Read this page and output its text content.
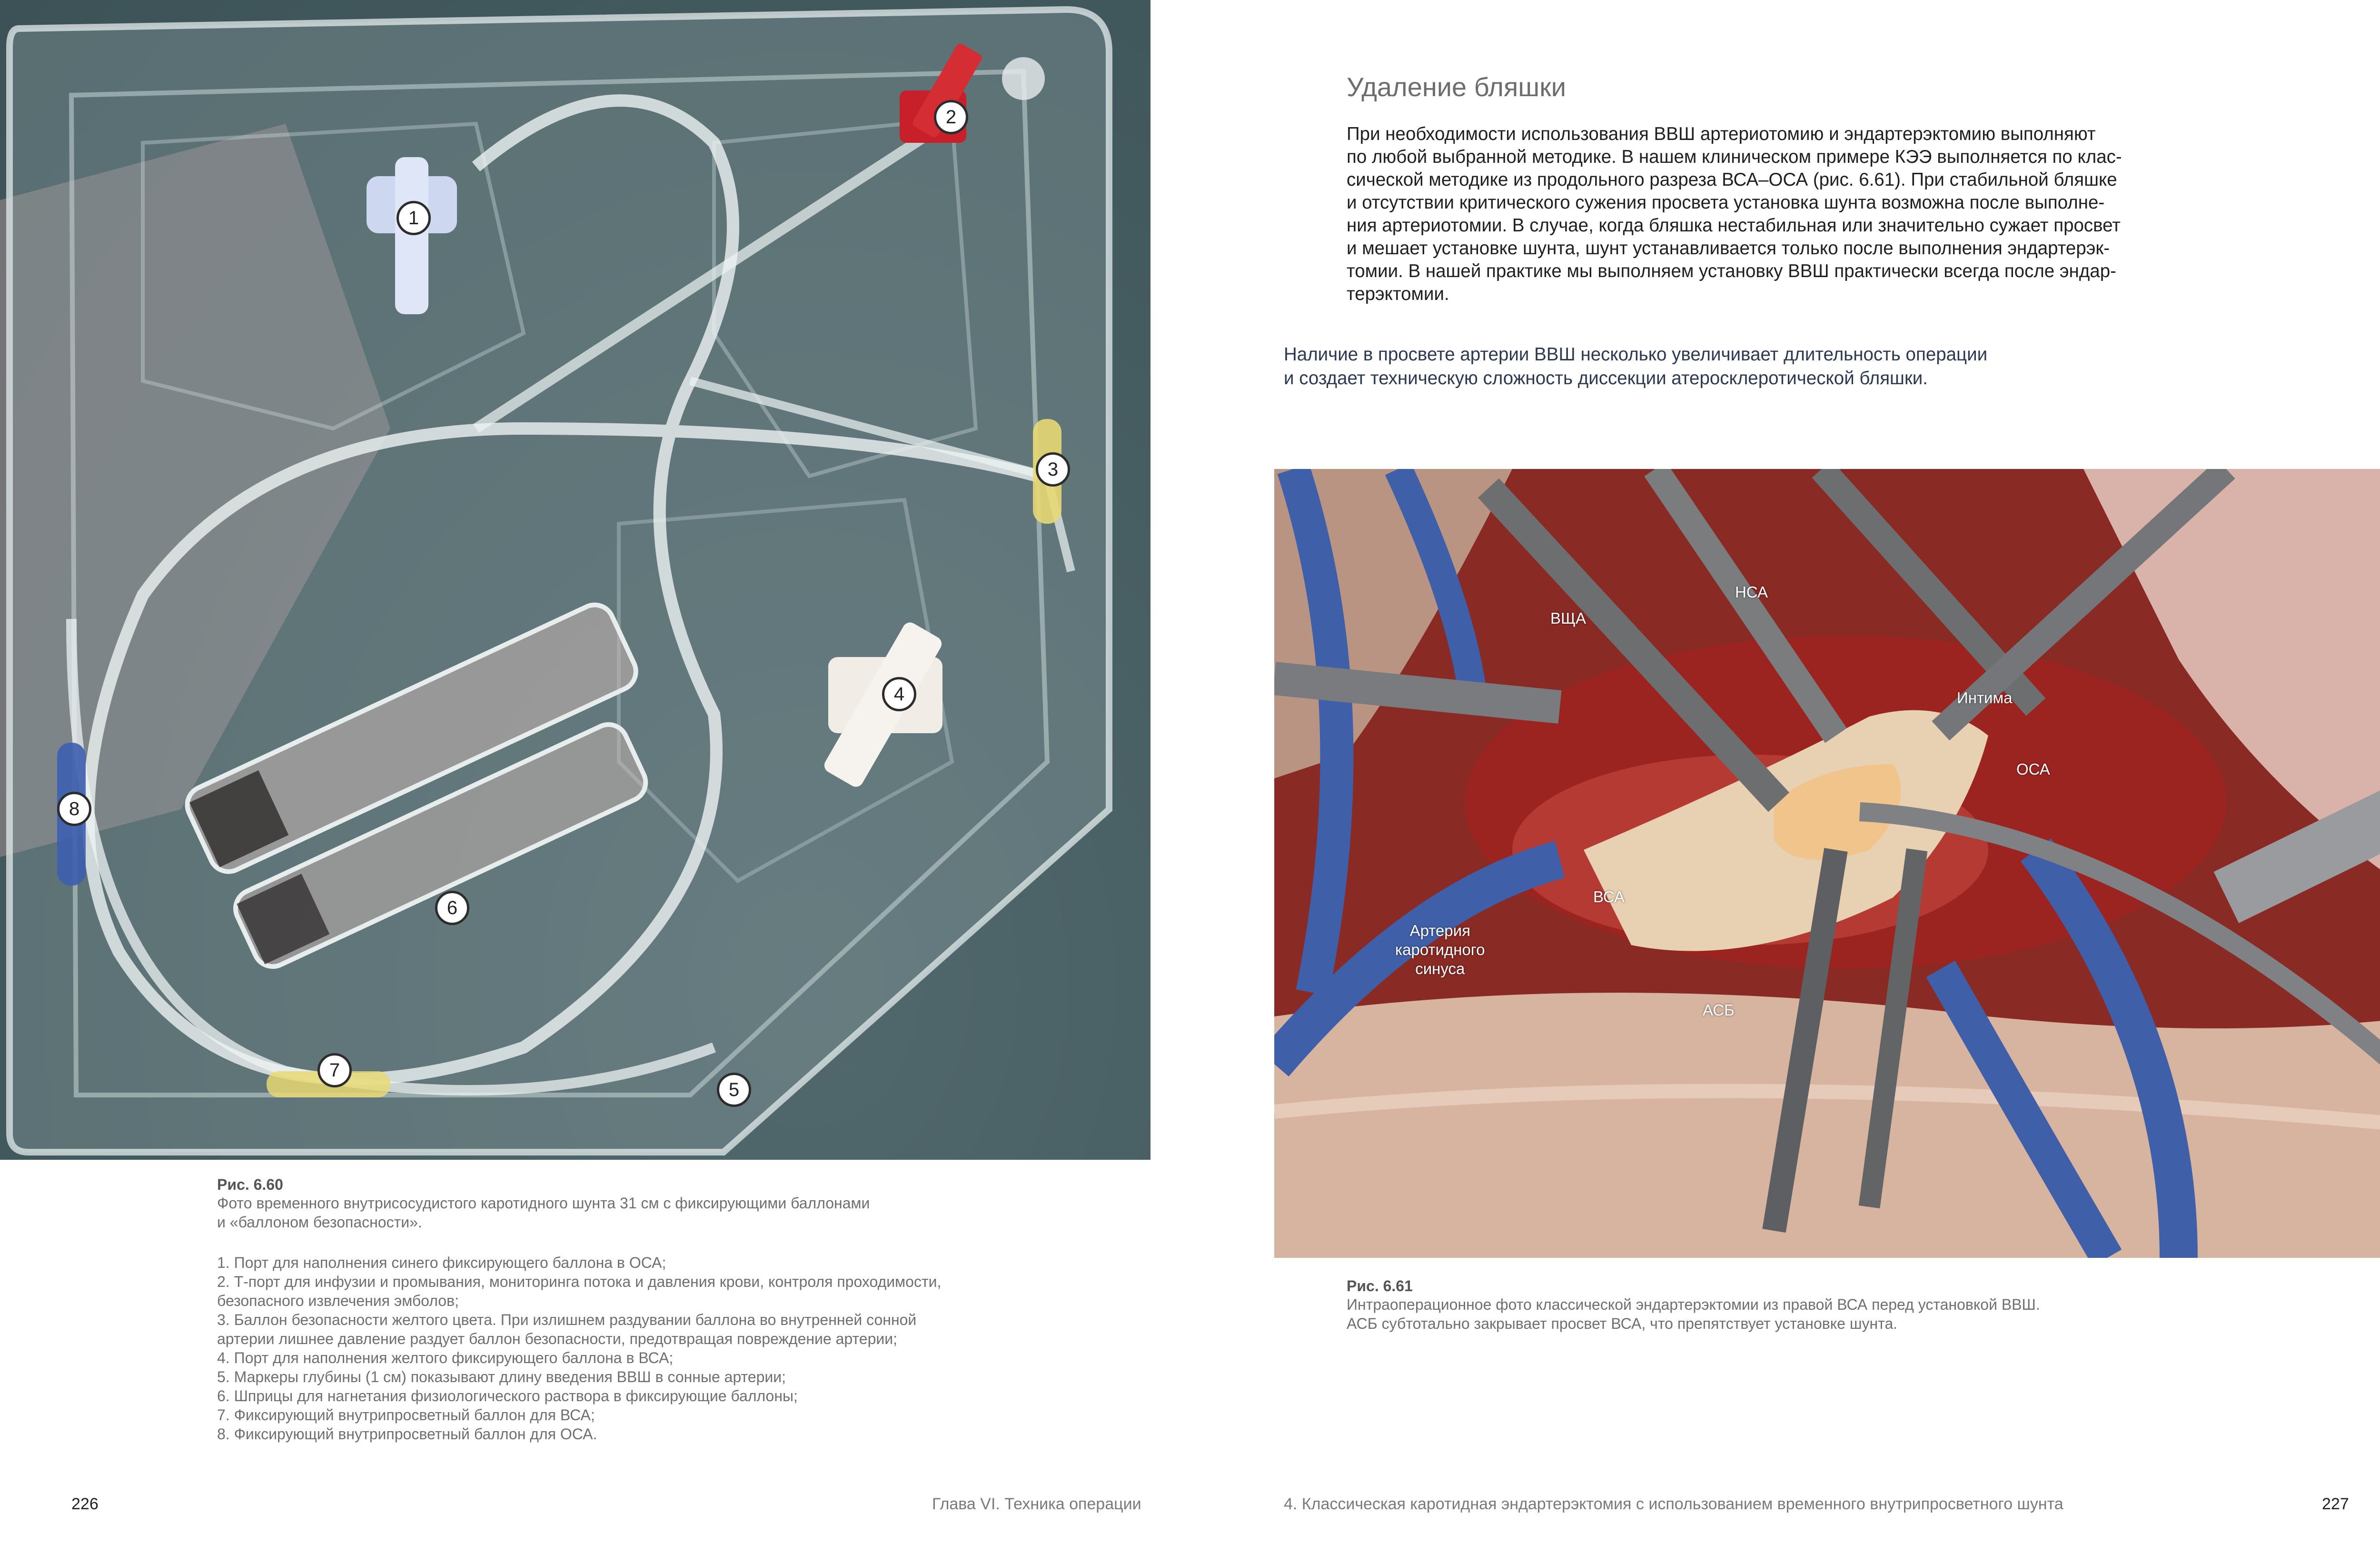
1
2
3
4
5
6
7
8
Удаление бляшки
При необходимости использования ВВШ артериотомию и эндартерэктомию выполняют
по любой выбранной методике. В нашем клиническом примере КЭЭ выполняется по клас-
сической методике из продольного разреза ВСА–ОСА (рис. 6.61). При стабильной бляшке
и отсутствии критического сужения просвета установка шунта возможна после выполне-
ния артериотомии. В случае, когда бляшка нестабильная или значительно сужает просвет
и мешает установке шунта, шунт устанавливается только после выполнения эндартерэк-
томии. В нашей практике мы выполняем установку ВВШ практически всегда после эндар-
терэктомии.
Наличие в просвете артерии ВВШ несколько увеличивает длительность операции
и создает техническую сложность диссекции атеросклеротической бляшки.
ВЩА
НСА
Интима
ОСА
ВСА
Артерия
каротидного
синуса
АСБ
Рис. 6.60
Фото временного внутрисосудистого каротидного шунта 31 см с фиксирующими баллонами
и «баллоном безопасности».
1. Порт для наполнения синего фиксирующего баллона в ОСА;
2. Т-порт для инфузии и промывания, мониторинга потока и давления крови, контроля проходимости,
безопасного извлечения эмболов;
3. Баллон безопасности желтого цвета. При излишнем раздувании баллона во внутренней сонной
артерии лишнее давление раздует баллон безопасности, предотвращая повреждение артерии;
4. Порт для наполнения желтого фиксирующего баллона в ВСА;
5. Маркеры глубины (1 см) показывают длину введения ВВШ в сонные артерии;
6. Шприцы для нагнетания физиологического раствора в фиксирующие баллоны;
7. Фиксирующий внутрипросветный баллон для ВСА;
8. Фиксирующий внутрипросветный баллон для ОСА.
Рис. 6.61
Интраоперационное фото классической эндартерэктомии из правой ВСА перед установкой ВВШ.
АСБ субтотально закрывает просвет ВСА, что препятствует установке шунта.
226	Глава VI. Техника операции	4. Классическая каротидная эндартерэктомия с использованием временного внутрипросветного шунта	227
